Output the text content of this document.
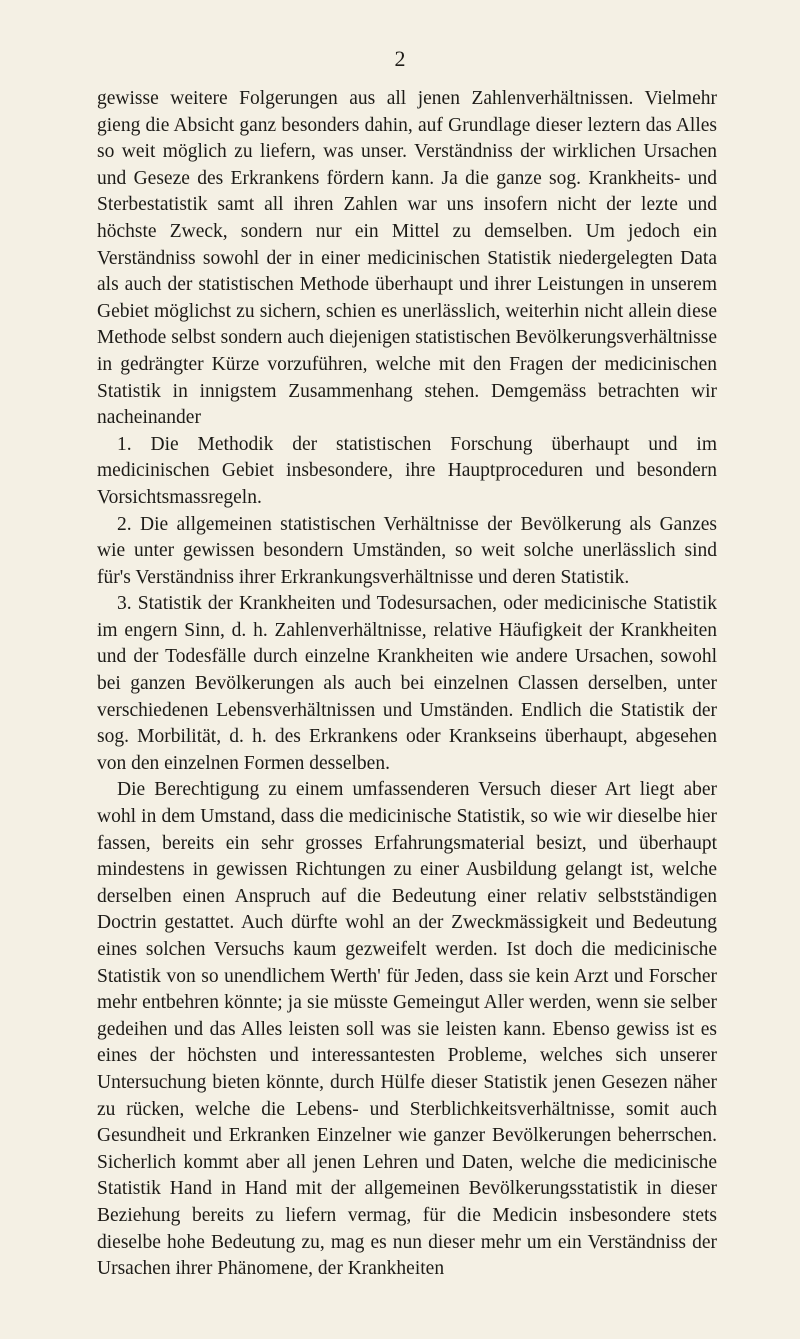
2

gewisse weitere Folgerungen aus all jenen Zahlenverhältnissen. Vielmehr gieng die Absicht ganz besonders dahin, auf Grundlage dieser leztern das Alles so weit möglich zu liefern, was unser. Verständniss der wirklichen Ursachen und Geseze des Erkrankens fördern kann. Ja die ganze sog. Krankheits- und Sterbestatistik samt all ihren Zahlen war uns insofern nicht der lezte und höchste Zweck, sondern nur ein Mittel zu demselben. Um jedoch ein Verständniss sowohl der in einer medicinischen Statistik niedergelegten Data als auch der statistischen Methode überhaupt und ihrer Leistungen in unserem Gebiet möglichst zu sichern, schien es unerlässlich, weiterhin nicht allein diese Methode selbst sondern auch diejenigen statistischen Bevölkerungsverhältnisse in gedrängter Kürze vorzuführen, welche mit den Fragen der medicinischen Statistik in innigstem Zusammenhang stehen. Demgemäss betrachten wir nacheinander

1. Die Methodik der statistischen Forschung überhaupt und im medicinischen Gebiet insbesondere, ihre Hauptproceduren und besondern Vorsichtsmassregeln.

2. Die allgemeinen statistischen Verhältnisse der Bevölkerung als Ganzes wie unter gewissen besondern Umständen, so weit solche unerlässlich sind für's Verständniss ihrer Erkrankungsverhältnisse und deren Statistik.

3. Statistik der Krankheiten und Todesursachen, oder medicinische Statistik im engern Sinn, d. h. Zahlenverhältnisse, relative Häufigkeit der Krankheiten und der Todesfälle durch einzelne Krankheiten wie andere Ursachen, sowohl bei ganzen Bevölkerungen als auch bei einzelnen Classen derselben, unter verschiedenen Lebensverhältnissen und Umständen. Endlich die Statistik der sog. Morbilität, d. h. des Erkrankens oder Krankseins überhaupt, abgesehen von den einzelnen Formen desselben.

Die Berechtigung zu einem umfassenderen Versuch dieser Art liegt aber wohl in dem Umstand, dass die medicinische Statistik, so wie wir dieselbe hier fassen, bereits ein sehr grosses Erfahrungsmaterial besizt, und überhaupt mindestens in gewissen Richtungen zu einer Ausbildung gelangt ist, welche derselben einen Anspruch auf die Bedeutung einer relativ selbstständigen Doctrin gestattet. Auch dürfte wohl an der Zweckmässigkeit und Bedeutung eines solchen Versuchs kaum gezweifelt werden. Ist doch die medicinische Statistik von so unendlichem Werth' für Jeden, dass sie kein Arzt und Forscher mehr entbehren könnte; ja sie müsste Gemeingut Aller werden, wenn sie selber gedeihen und das Alles leisten soll was sie leisten kann. Ebenso gewiss ist es eines der höchsten und interessantesten Probleme, welches sich unserer Untersuchung bieten könnte, durch Hülfe dieser Statistik jenen Gesezen näher zu rücken, welche die Lebens- und Sterblichkeitsverhältnisse, somit auch Gesundheit und Erkranken Einzelner wie ganzer Bevölkerungen beherrschen. Sicherlich kommt aber all jenen Lehren und Daten, welche die medicinische Statistik Hand in Hand mit der allgemeinen Bevölkerungsstatistik in dieser Beziehung bereits zu liefern vermag, für die Medicin insbesondere stets dieselbe hohe Bedeutung zu, mag es nun dieser mehr um ein Verständniss der Ursachen ihrer Phänomene, der Krankheiten
